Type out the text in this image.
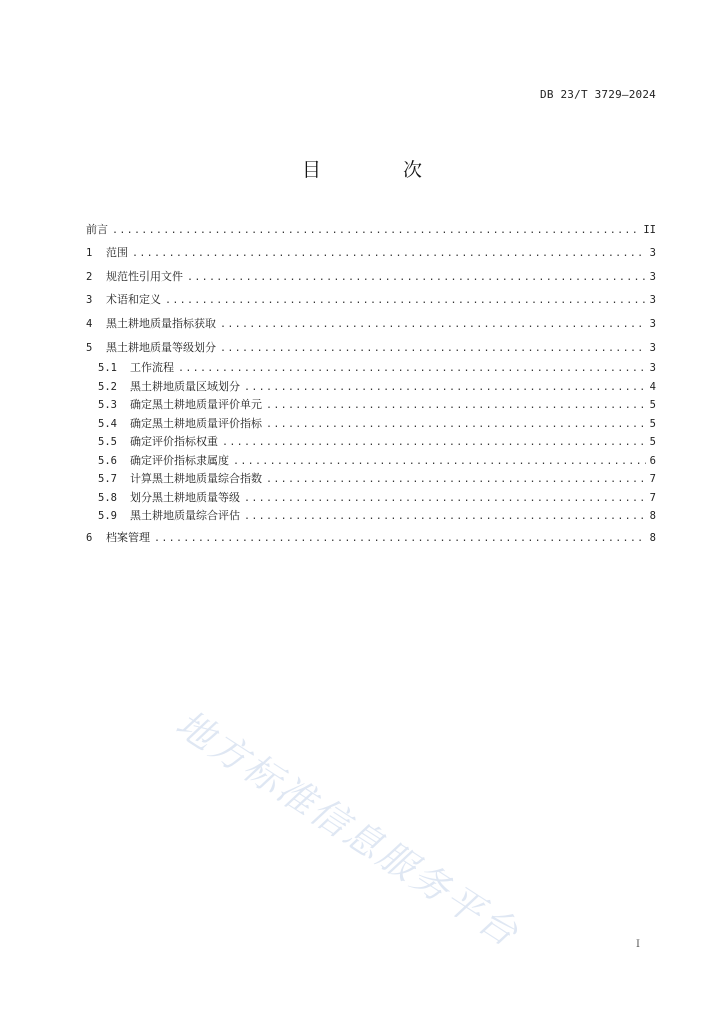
DB 23/T 3729—2024
目 次
前言 .....	II
1	范围 .....	3
2	规范性引用文件 .....	3
3	术语和定义 .....	3
4	黑土耕地质量指标获取 .....	3
5	黑土耕地质量等级划分 .....	3
5.1	工作流程 .....	3
5.2	黑土耕地质量区域划分 .....	4
5.3	确定黑土耕地质量评价单元 .....	5
5.4	确定黑土耕地质量评价指标 .....	5
5.5	确定评价指标权重 .....	5
5.6	确定评价指标隶属度 .....	6
5.7	计算黑土耕地质量综合指数 .....	7
5.8	划分黑土耕地质量等级 .....	7
5.9	黑土耕地质量综合评估 .....	8
6	档案管理 .....	8
地方标准信息服务平台	I
